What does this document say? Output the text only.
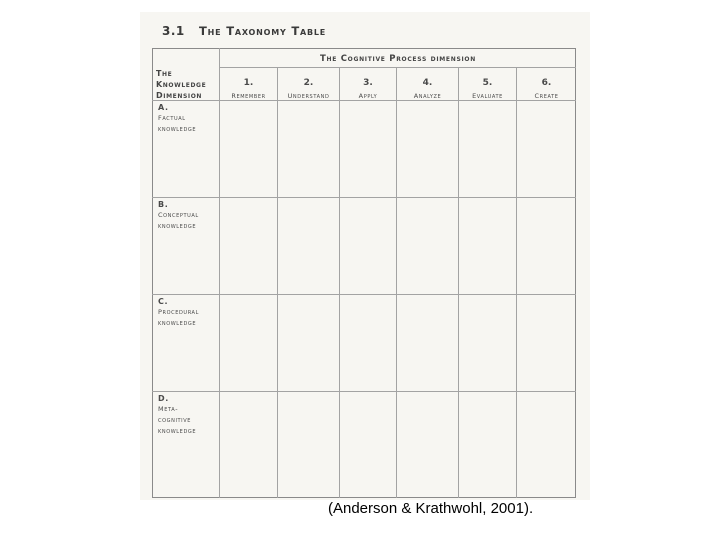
3.1 The Taxonomy Table
The Cognitive Process dimension
The
Knowledge
Dimension
1.
Remember
2.
Understand
3.
Apply
4.
Analyze
5.
Evaluate
6.
Create
A.
Factual
knowledge
B.
Conceptual
knowledge
C.
Procedural
knowledge
D.
Meta-
cognitive
knowledge
(Anderson & Krathwohl, 2001).
